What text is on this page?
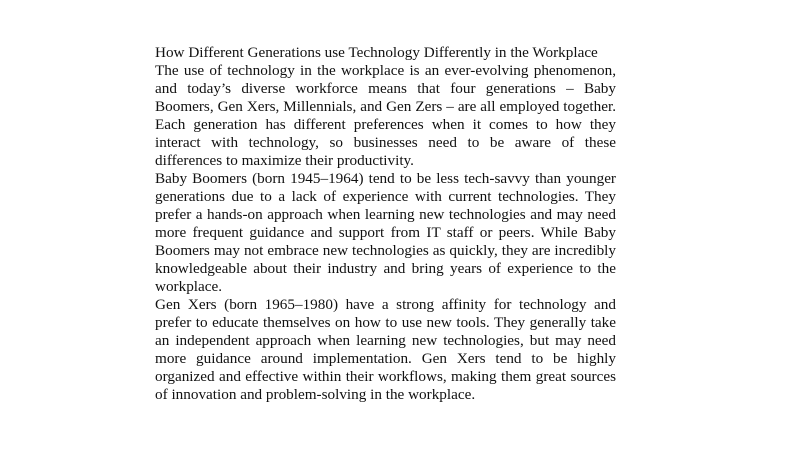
How Different Generations use Technology Differently in the Workplace

The use of technology in the workplace is an ever-evolving phenomenon, and today’s diverse workforce means that four generations – Baby Boomers, Gen Xers, Millennials, and Gen Zers – are all employed together. Each generation has different preferences when it comes to how they interact with technology, so businesses need to be aware of these differences to maximize their productivity.

Baby Boomers (born 1945–1964) tend to be less tech-savvy than younger generations due to a lack of experience with current technologies. They prefer a hands-on approach when learning new technologies and may need more frequent guidance and support from IT staff or peers. While Baby Boomers may not embrace new technologies as quickly, they are incredibly knowledgeable about their industry and bring years of experience to the workplace.

Gen Xers (born 1965–1980) have a strong affinity for technology and prefer to educate themselves on how to use new tools. They generally take an independent approach when learning new technologies, but may need more guidance around implementation. Gen Xers tend to be highly organized and effective within their workflows, making them great sources of innovation and problem-solving in the workplace.
